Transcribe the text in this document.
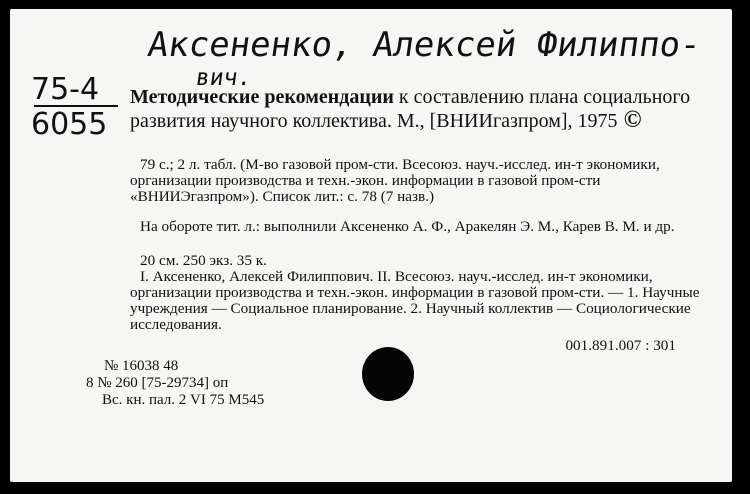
Аксененко, Алексей Филиппо-
вич.
75-4
6055
Методические рекомендации к составлению плана социального развития научного коллектива. М., [ВНИИгазпром], 1975 ©
79 с.; 2 л. табл. (М-во газовой пром-сти. Всесоюз. науч.-исслед. ин-т экономики, организации производства и техн.-экон. информации в газовой пром-сти «ВНИИЭгазпром»). Список лит.: с. 78 (7 назв.)
На обороте тит. л.: выполнили Аксененко А. Ф., Аракелян Э. М., Карев В. М. и др.
20 см. 250 экз. 35 к.
I. Аксененко, Алексей Филиппович. II. Всесоюз. науч.-исслед. ин-т экономики, организации производства и техн.-экон. информации в газовой пром-сти. — 1. Научные учреждения — Социальное планирование. 2. Научный коллектив — Социологические исследования.
001.891.007 : 301
№ 16038 48
8 № 260 [75-29734] оп
Вс. кн. пал. 2 VI 75 М545
